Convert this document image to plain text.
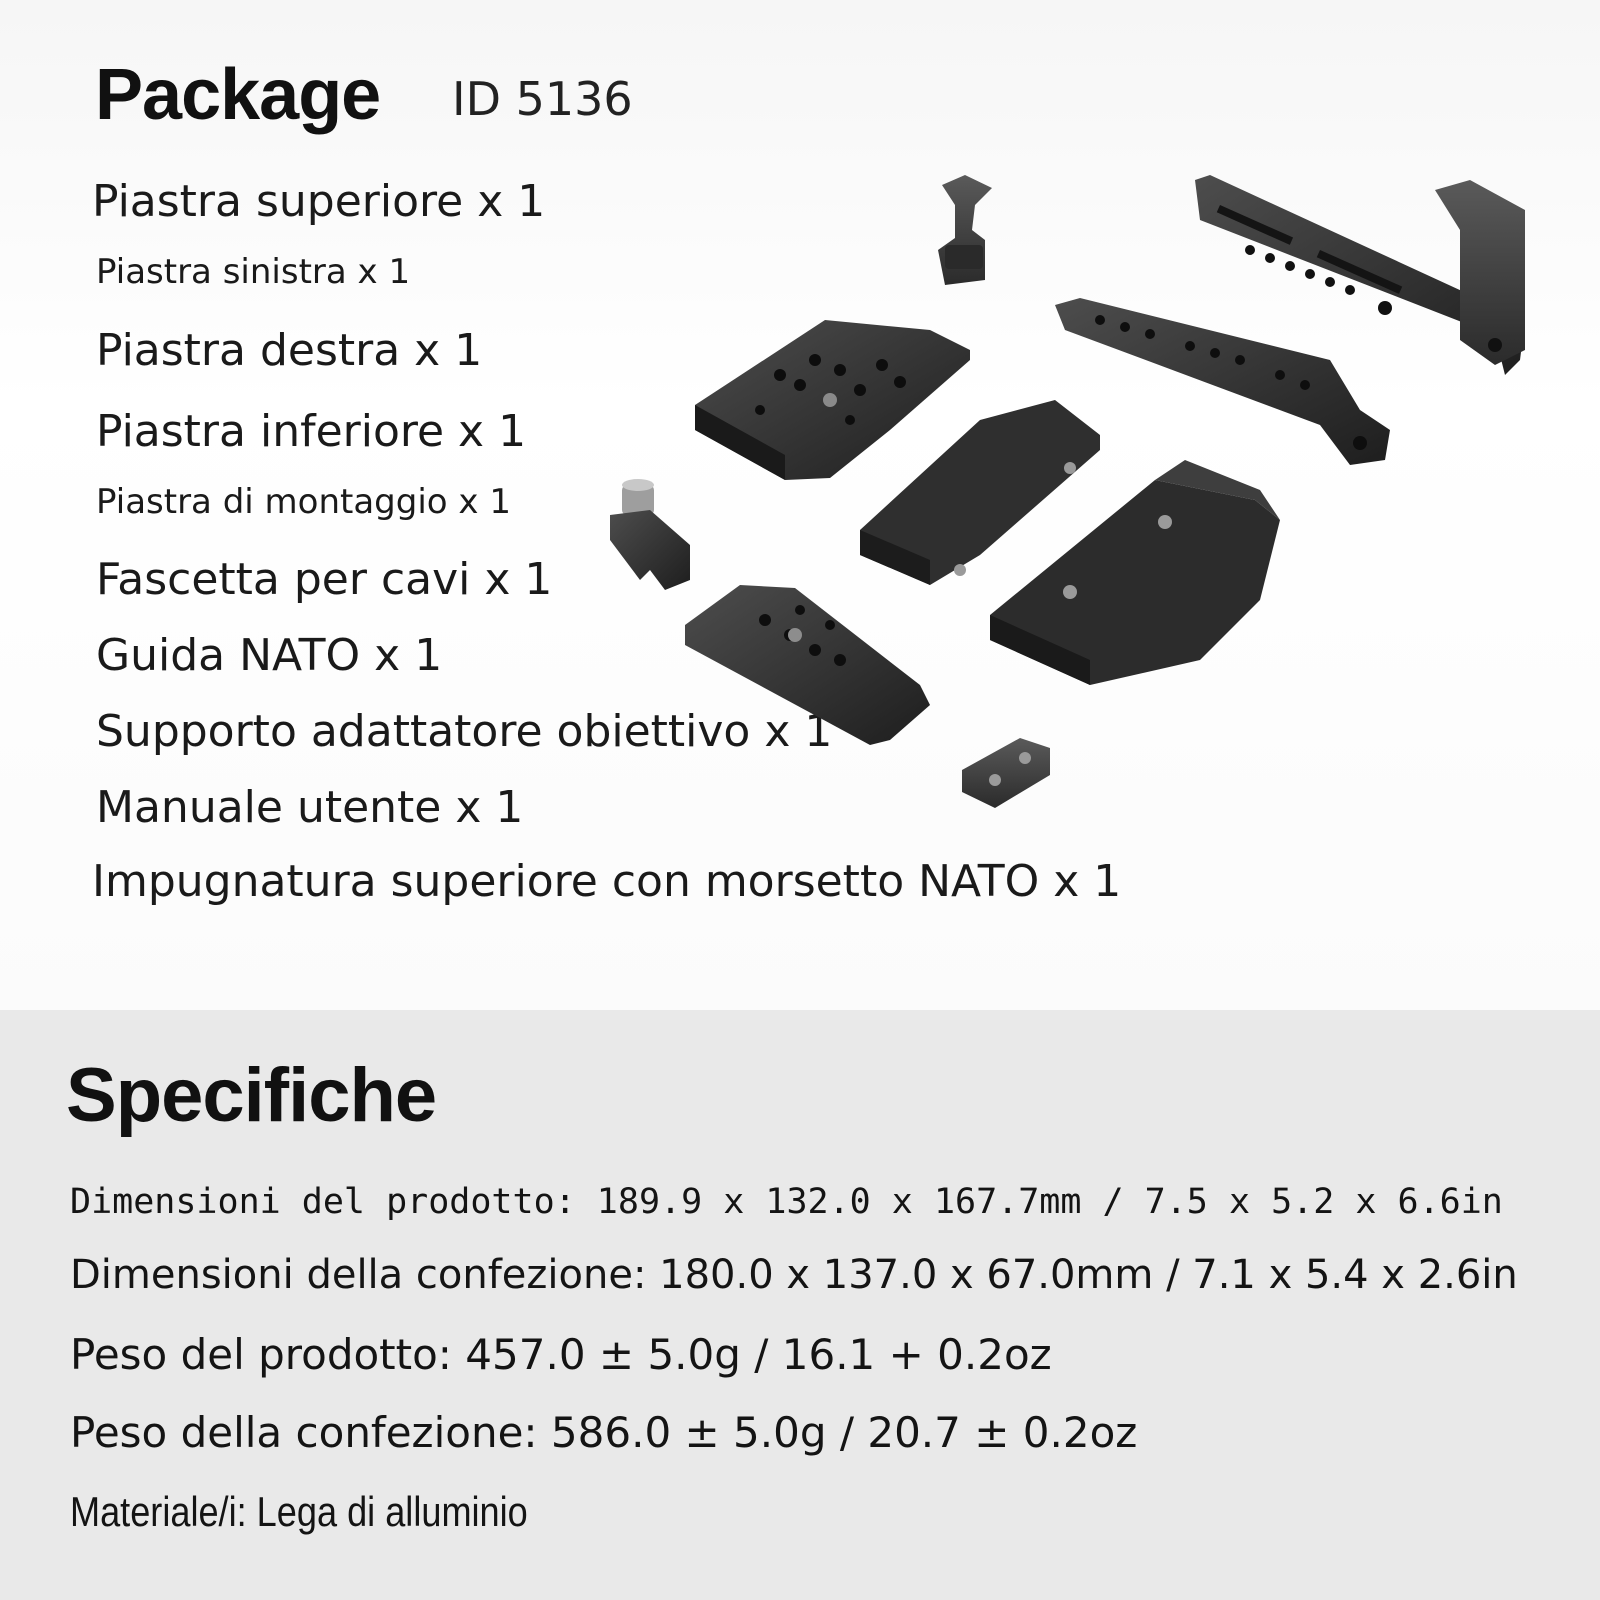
Package ID 5136
Piastra superiore x 1
Piastra sinistra x 1
Piastra destra x 1
Piastra inferiore x 1
Piastra di montaggio x 1
Fascetta per cavi x 1
Guida NATO x 1
Supporto adattatore obiettivo x 1
Manuale utente x 1
Impugnatura superiore con morsetto NATO x 1
Specifiche
Dimensioni del prodotto: 189.9 x 132.0 x 167.7mm / 7.5 x 5.2 x 6.6in
Dimensioni della confezione: 180.0 x 137.0 x 67.0mm / 7.1 x 5.4 x 2.6in
Peso del prodotto: 457.0 ± 5.0g / 16.1 + 0.2oz
Peso della confezione: 586.0 ± 5.0g / 20.7 ± 0.2oz
Materiale/i: Lega di alluminio
